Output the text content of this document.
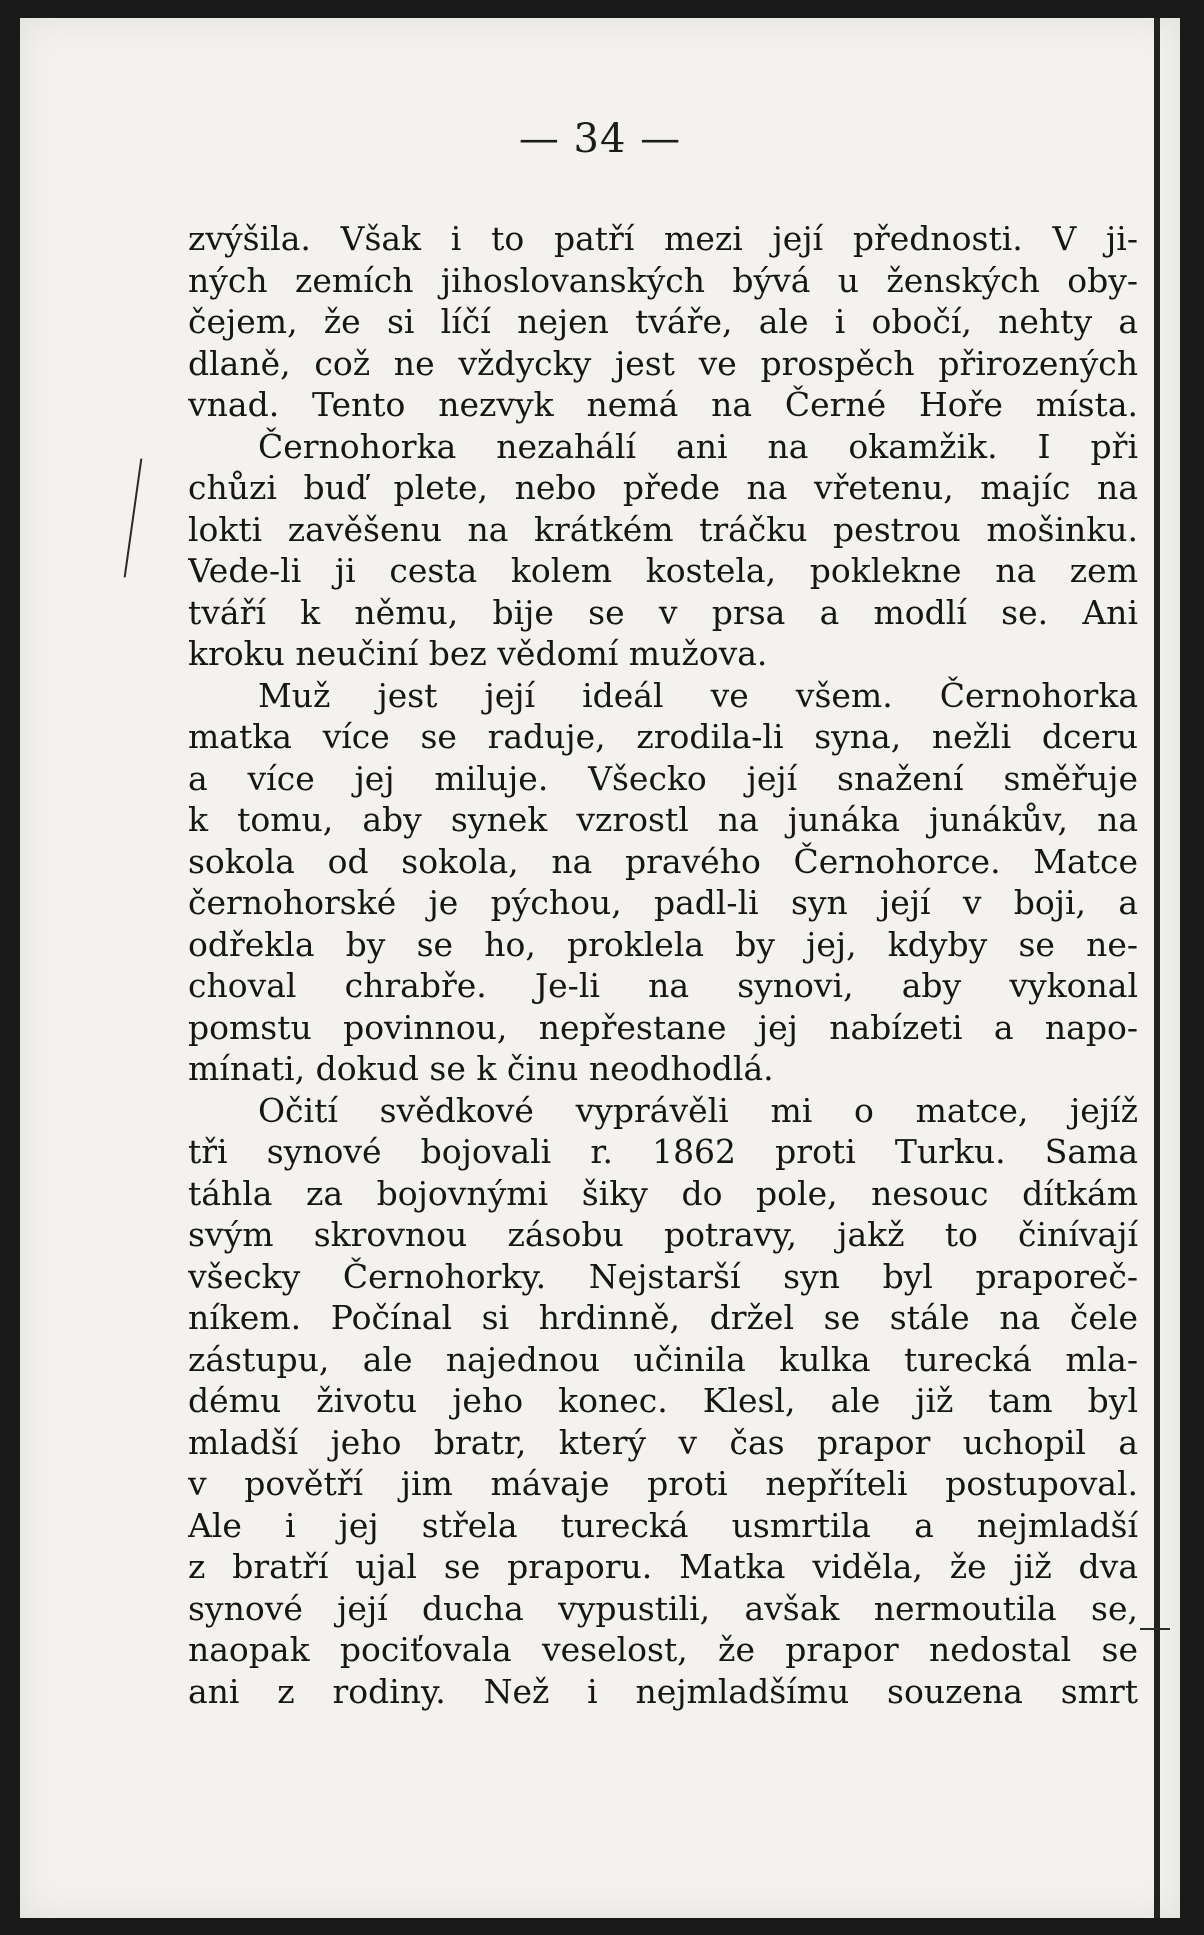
— 34 —
zvýšila. Však i to patří mezi její přednosti. V ji-
ných zemích jihoslovanských bývá u ženských oby-
čejem, že si líčí nejen tváře, ale i obočí, nehty a
dlaně, což ne vždycky jest ve prospěch přirozených
vnad. Tento nezvyk nemá na Černé Hoře místa.
Černohorka nezahálí ani na okamžik. I při
chůzi buď plete, nebo přede na vřetenu, majíc na
lokti zavěšenu na krátkém tráčku pestrou mošinku.
Vede-li ji cesta kolem kostela, poklekne na zem
tváří k němu, bije se v prsa a modlí se. Ani
kroku neučiní bez vědomí mužova.
Muž jest její ideál ve všem. Černohorka
matka více se raduje, zrodila-li syna, nežli dceru
a více jej miluje. Všecko její snažení směřuje
k tomu, aby synek vzrostl na junáka junákův, na
sokola od sokola, na pravého Černohorce. Matce
černohorské je pýchou, padl-li syn její v boji, a
odřekla by se ho, proklela by jej, kdyby se ne-
choval chrabře. Je-li na synovi, aby vykonal
pomstu povinnou, nepřestane jej nabízeti a napo-
mínati, dokud se k činu neodhodlá.
Očití svědkové vyprávěli mi o matce, jejíž
tři synové bojovali r. 1862 proti Turku. Sama
táhla za bojovnými šiky do pole, nesouc dítkám
svým skrovnou zásobu potravy, jakž to činívají
všecky Černohorky. Nejstarší syn byl praporeč-
níkem. Počínal si hrdinně, držel se stále na čele
zástupu, ale najednou učinila kulka turecká mla-
dému životu jeho konec. Klesl, ale již tam byl
mladší jeho bratr, který v čas prapor uchopil a
v povětří jim mávaje proti nepříteli postupoval.
Ale i jej střela turecká usmrtila a nejmladší
z bratří ujal se praporu. Matka viděla, že již dva
synové její ducha vypustili, avšak nermoutila se,
naopak pociťovala veselost, že prapor nedostal se
ani z rodiny. Než i nejmladšímu souzena smrt
